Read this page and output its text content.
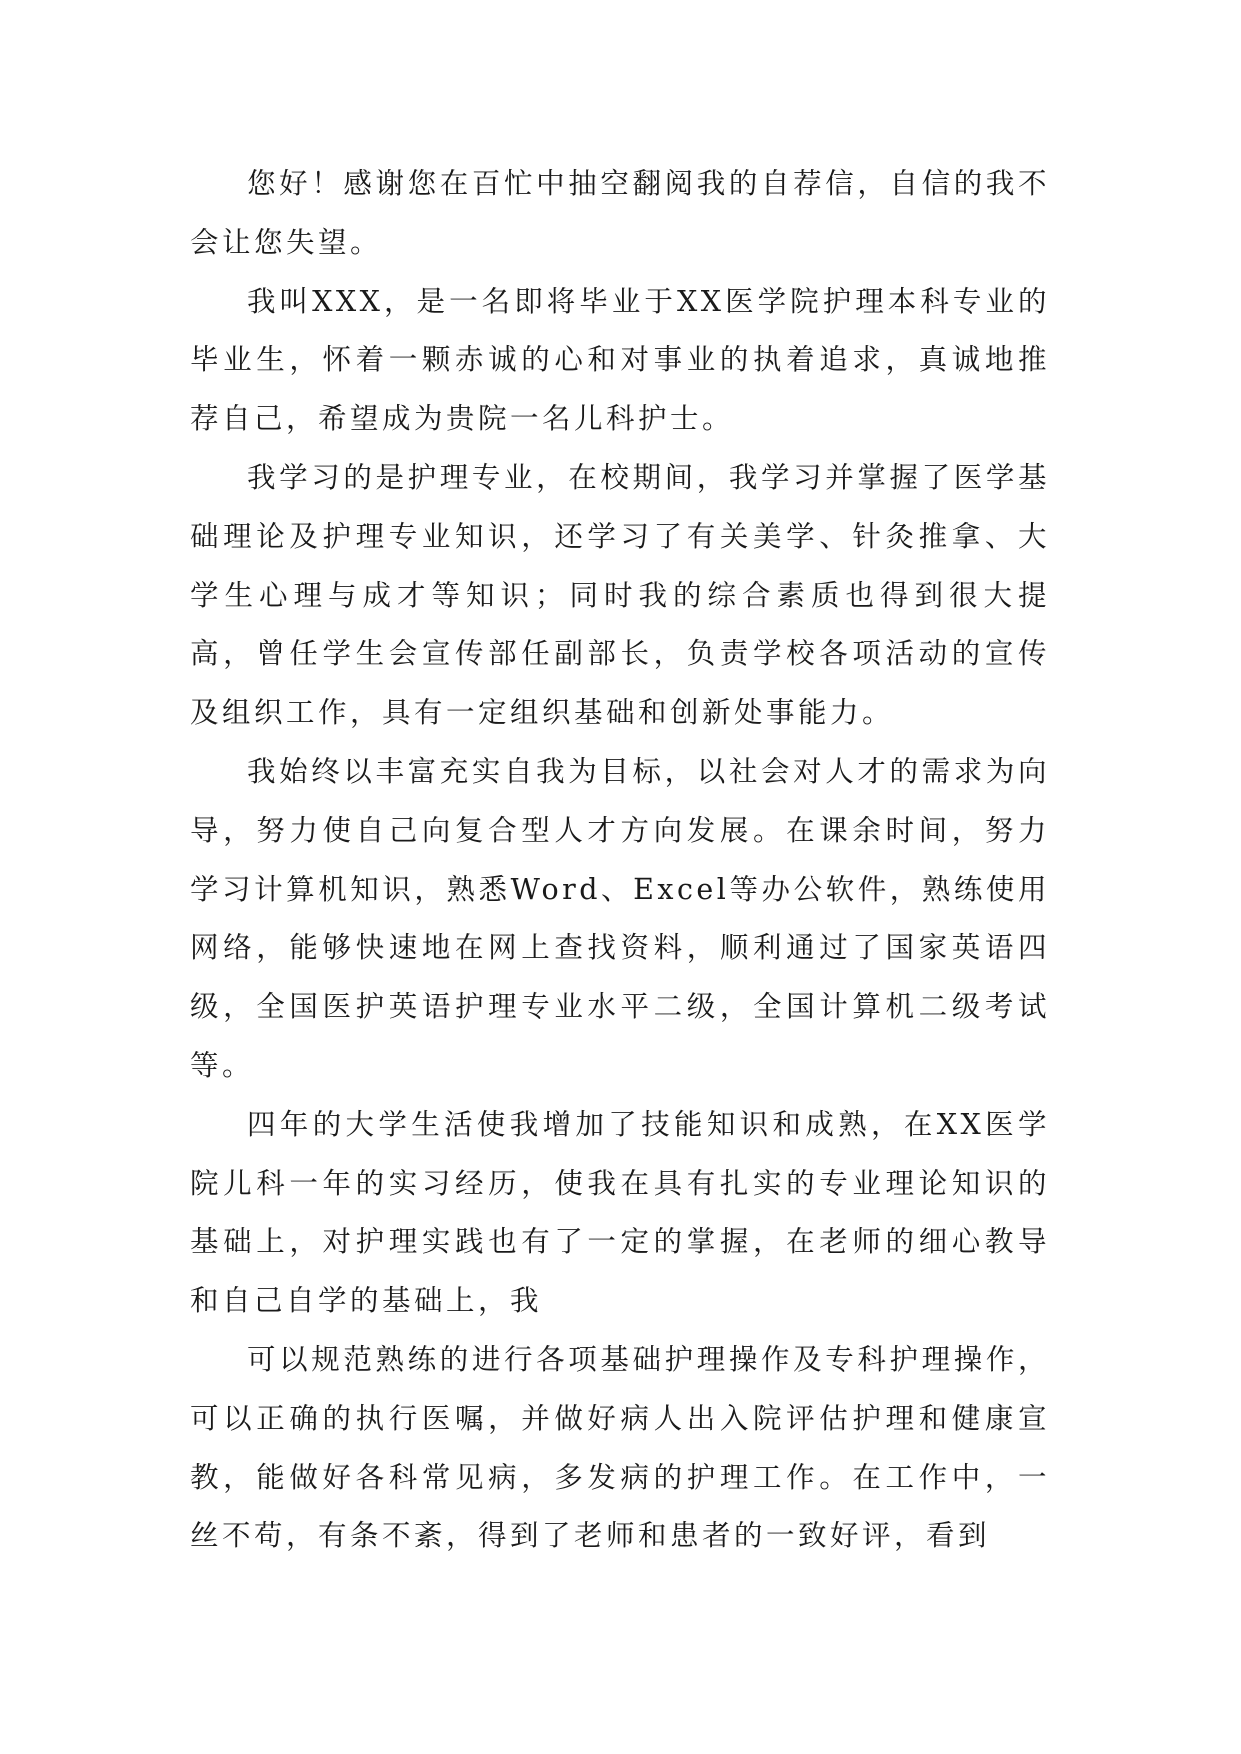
您好！感谢您在百忙中抽空翻阅我的自荐信，自信的我不会让您失望。

我叫XXX，是一名即将毕业于XX医学院护理本科专业的毕业生，怀着一颗赤诚的心和对事业的执着追求，真诚地推荐自己，希望成为贵院一名儿科护士。

我学习的是护理专业，在校期间，我学习并掌握了医学基础理论及护理专业知识，还学习了有关美学、针灸推拿、大学生心理与成才等知识；同时我的综合素质也得到很大提高，曾任学生会宣传部任副部长，负责学校各项活动的宣传及组织工作，具有一定组织基础和创新处事能力。

我始终以丰富充实自我为目标，以社会对人才的需求为向导，努力使自己向复合型人才方向发展。在课余时间，努力学习计算机知识，熟悉Word、Excel等办公软件，熟练使用网络，能够快速地在网上查找资料，顺利通过了国家英语四级，全国医护英语护理专业水平二级，全国计算机二级考试等。

四年的大学生活使我增加了技能知识和成熟，在XX医学院儿科一年的实习经历，使我在具有扎实的专业理论知识的基础上，对护理实践也有了一定的掌握，在老师的细心教导和自己自学的基础上，我

可以规范熟练的进行各项基础护理操作及专科护理操作，可以正确的执行医嘱，并做好病人出入院评估护理和健康宣教，能做好各科常见病，多发病的护理工作。在工作中，一丝不苟，有条不紊，得到了老师和患者的一致好评，看到
